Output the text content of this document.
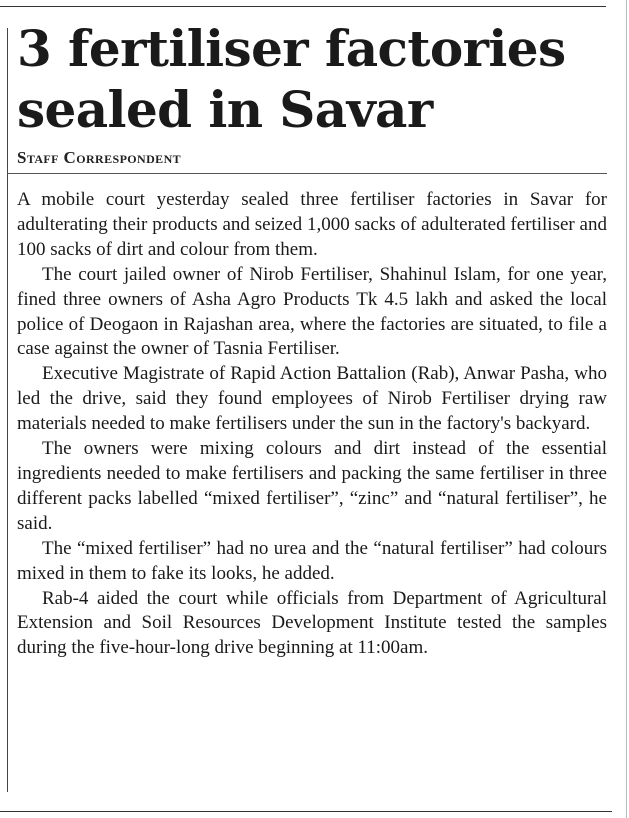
3 fertiliser factories sealed in Savar
Staff Correspondent

A mobile court yesterday sealed three fertiliser factories in Savar for adulterating their products and seized 1,000 sacks of adulterated fertiliser and 100 sacks of dirt and colour from them.

The court jailed owner of Nirob Fertiliser, Shahinul Islam, for one year, fined three owners of Asha Agro Products Tk 4.5 lakh and asked the local police of Deogaon in Rajashan area, where the factories are situated, to file a case against the owner of Tasnia Fertiliser.

Executive Magistrate of Rapid Action Battalion (Rab), Anwar Pasha, who led the drive, said they found employees of Nirob Fertiliser drying raw materials needed to make fertilisers under the sun in the factory's backyard.

The owners were mixing colours and dirt instead of the essential ingredients needed to make fertilisers and packing the same fertiliser in three different packs labelled “mixed fertiliser”, “zinc” and “natural fertiliser”, he said.

The “mixed fertiliser” had no urea and the “natural fertiliser” had colours mixed in them to fake its looks, he added.

Rab-4 aided the court while officials from Department of Agricultural Extension and Soil Resources Development Institute tested the samples during the five-hour-long drive beginning at 11:00am.
